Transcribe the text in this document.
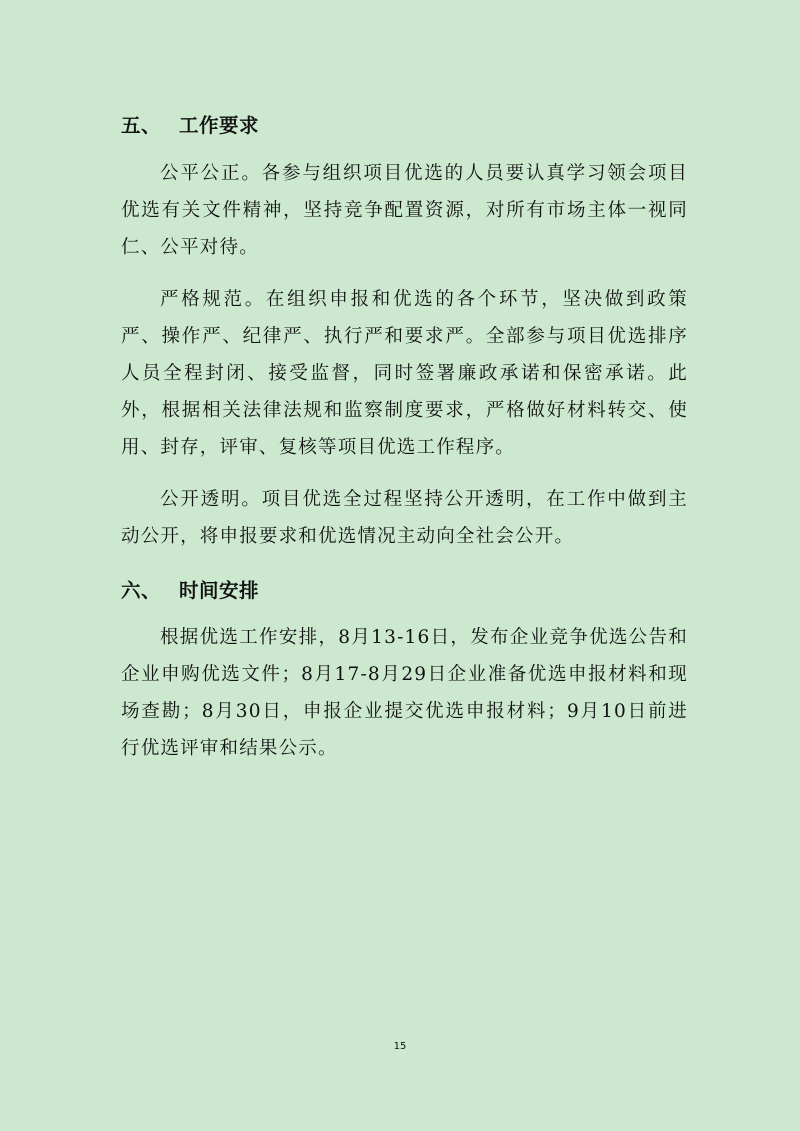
五、 工作要求

公平公正。各参与组织项目优选的人员要认真学习领会项目优选有关文件精神，坚持竞争配置资源，对所有市场主体一视同仁、公平对待。

严格规范。在组织申报和优选的各个环节，坚决做到政策严、操作严、纪律严、执行严和要求严。全部参与项目优选排序人员全程封闭、接受监督，同时签署廉政承诺和保密承诺。此外，根据相关法律法规和监察制度要求，严格做好材料转交、使用、封存，评审、复核等项目优选工作程序。

公开透明。项目优选全过程坚持公开透明，在工作中做到主动公开，将申报要求和优选情况主动向全社会公开。

六、 时间安排

根据优选工作安排，8月13-16日，发布企业竞争优选公告和企业申购优选文件；8月17-8月29日企业准备优选申报材料和现场查勘；8月30日，申报企业提交优选申报材料；9月10日前进行优选评审和结果公示。

15
